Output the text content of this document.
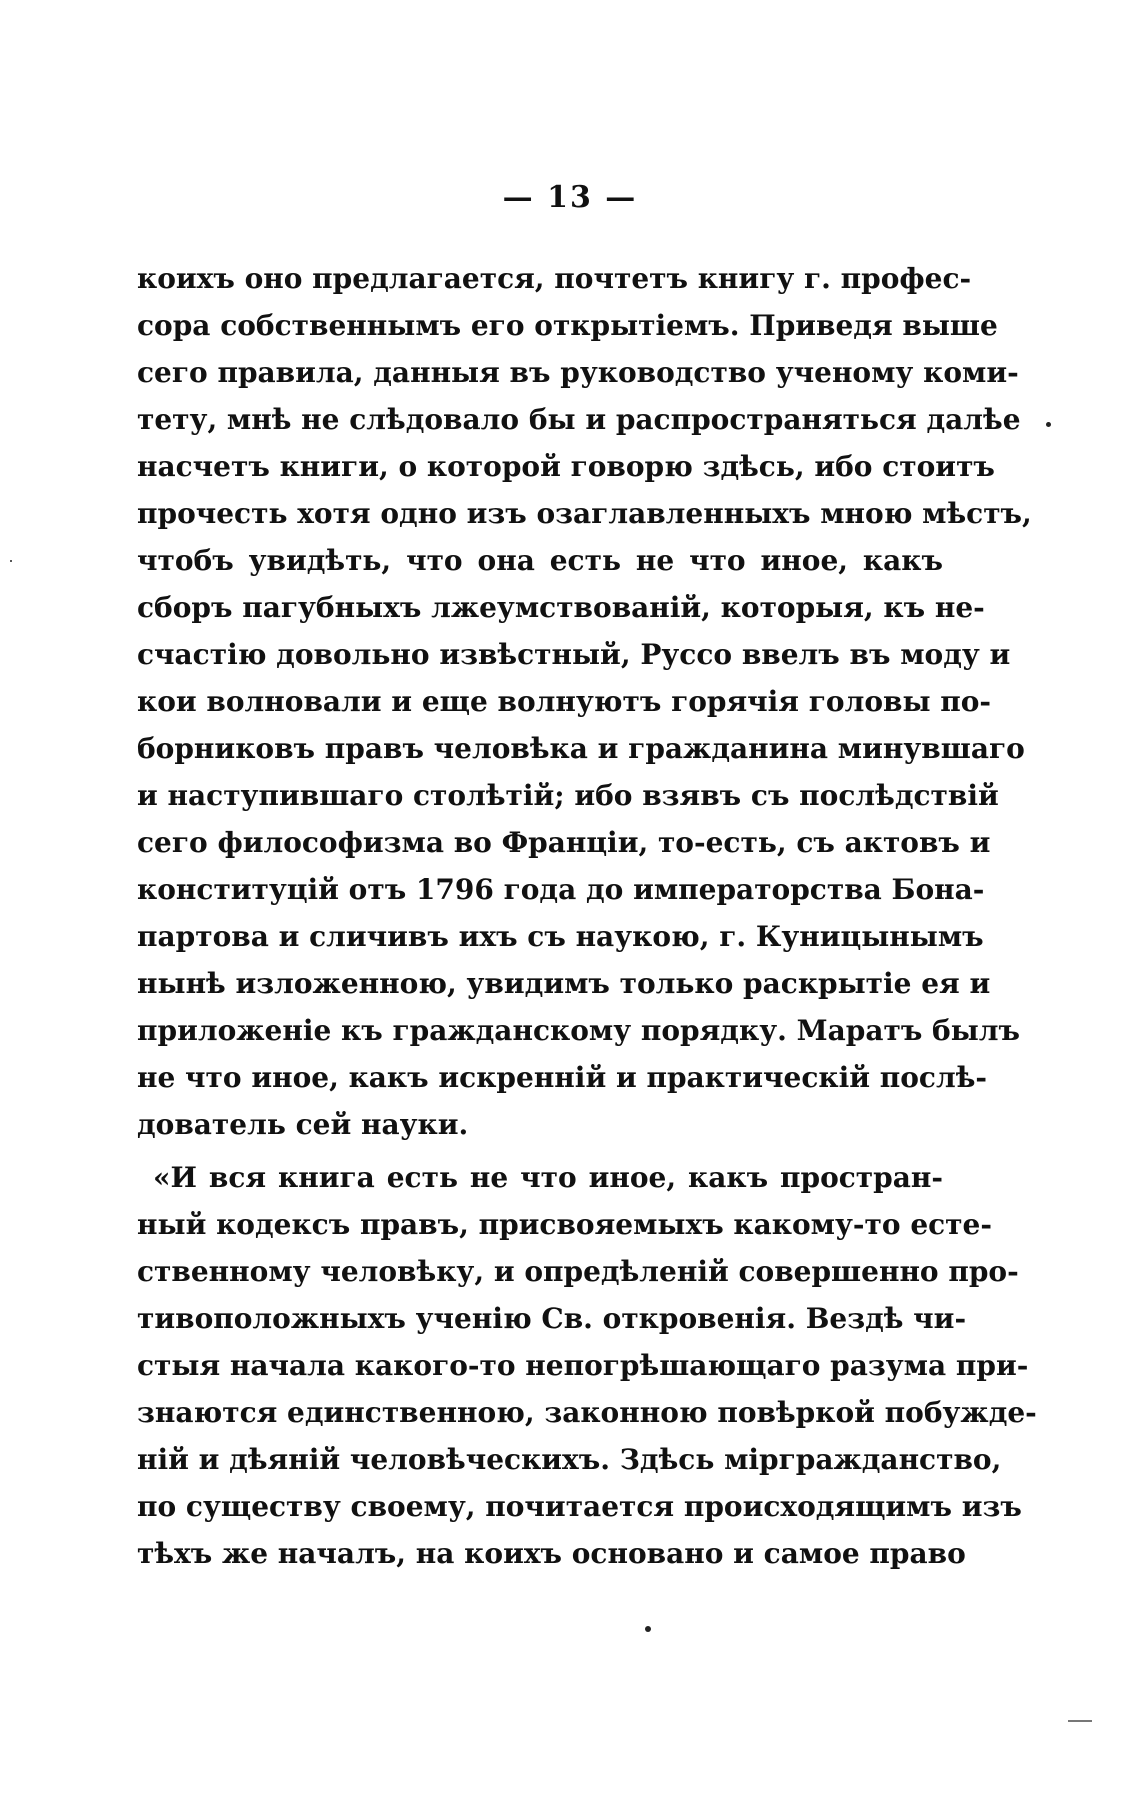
— 13 —
коихъ оно предлагается, почтетъ книгу г. профес-
сора собственнымъ его открытіемъ. Приведя выше
сего правила, данныя въ руководство ученому коми-
тету, мнѣ не слѣдовало бы и распространяться далѣе
насчетъ книги, о которой говорю здѣсь, ибо стоитъ
прочесть хотя одно изъ озаглавленныхъ мною мѣстъ,
чтобъ увидѣть, что она есть не что иное, какъ
сборъ пагубныхъ лжеумствованій, которыя, къ не-
счастію довольно извѣстный, Руссо ввелъ въ моду и
кои волновали и еще волнуютъ горячія головы по-
борниковъ правъ человѣка и гражданина минувшаго
и наступившаго столѣтій; ибо взявъ съ послѣдствій
сего философизма во Франціи, то-есть, съ актовъ и
конституцій отъ 1796 года до императорства Бона-
партова и сличивъ ихъ съ наукою, г. Куницынымъ
нынѣ изложенною, увидимъ только раскрытіе ея и
приложеніе къ гражданскому порядку. Маратъ былъ
не что иное, какъ искренній и практическій послѣ-
дователь сей науки.
«И вся книга есть не что иное, какъ простран-
ный кодексъ правъ, присвояемыхъ какому-то есте-
ственному человѣку, и опредѣленій совершенно про-
тивоположныхъ ученію Св. откровенія. Вездѣ чи-
стыя начала какого-то непогрѣшающаго разума при-
знаются единственною, законною повѣркой побужде-
ній и дѣяній человѣческихъ. Здѣсь міргражданство,
по существу своему, почитается происходящимъ изъ
тѣхъ же началъ, на коихъ основано и самое право
